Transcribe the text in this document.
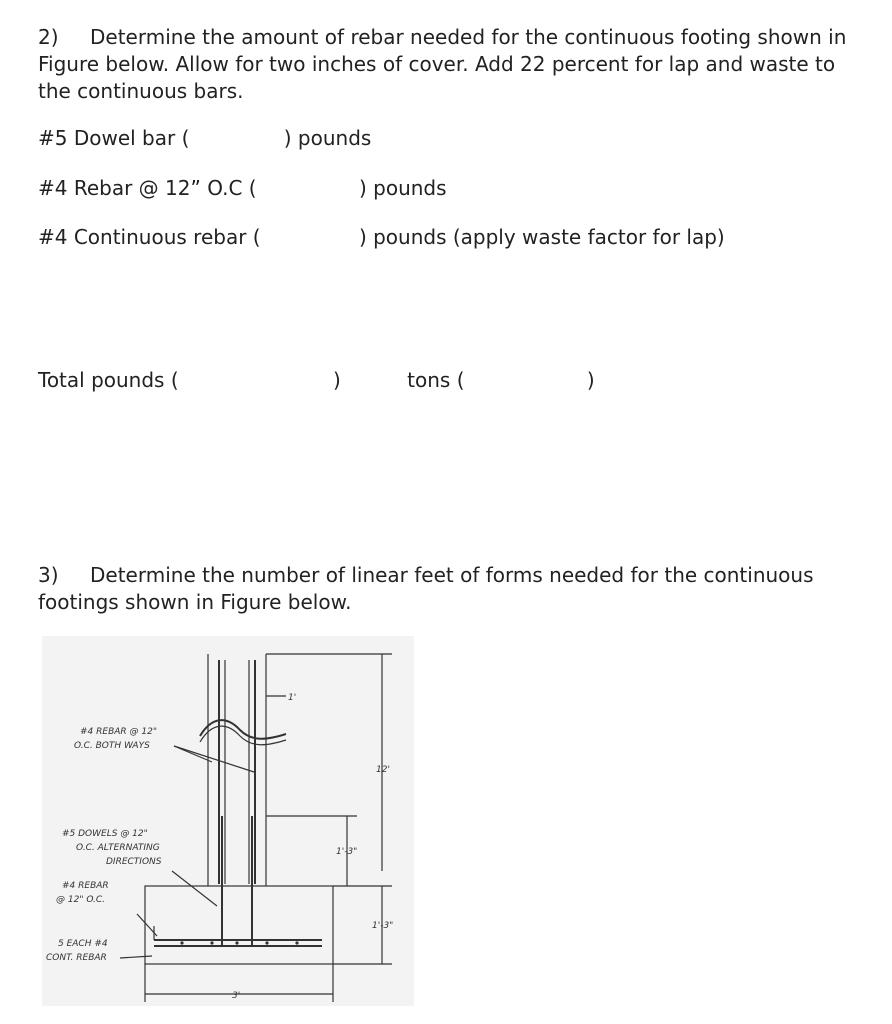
2) Determine the amount of rebar needed for the continuous footing shown in Figure below. Allow for two inches of cover. Add 22 percent for lap and waste to the continuous bars.
#5 Dowel bar (	) pounds
#4 Rebar @ 12” O.C (	) pounds
#4 Continuous rebar (	) pounds (apply waste factor for lap)
Total pounds (	)	tons (	)
3) Determine the number of linear feet of forms needed for the continuous footings shown in Figure below.
#4 REBAR @ 12"
O.C. BOTH WAYS
#5 DOWELS @ 12"
O.C. ALTERNATING
DIRECTIONS
#4 REBAR
@ 12" O.C.
5 EACH #4
CONT. REBAR
1'
12'
1'-3"
1'-3"
3'
